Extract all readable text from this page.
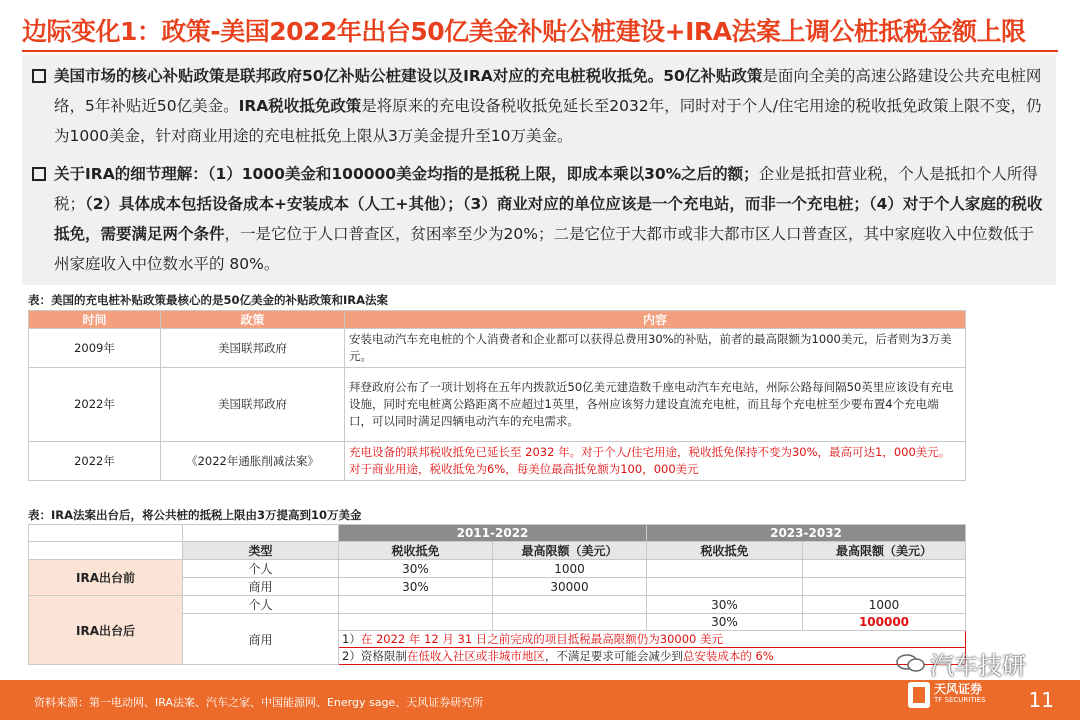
边际变化1：政策-美国2022年出台50亿美金补贴公桩建设+IRA法案上调公桩抵税金额上限
美国市场的核心补贴政策是联邦政府50亿补贴公桩建设以及IRA对应的充电桩税收抵免。50亿补贴政策是面向全美的高速公路建设公共充电桩网络，5年补贴近50亿美金。IRA税收抵免政策是将原来的充电设备税收抵免延长至2032年，同时对于个人/住宅用途的税收抵免政策上限不变，仍为1000美金，针对商业用途的充电桩抵免上限从3万美金提升至10万美金。
关于IRA的细节理解：（1）1000美金和100000美金均指的是抵税上限，即成本乘以30%之后的额；企业是抵扣营业税，个人是抵扣个人所得税；（2）具体成本包括设备成本+安装成本（人工+其他）；（3）商业对应的单位应该是一个充电站，而非一个充电桩；（4）对于个人家庭的税收抵免，需要满足两个条件，一是它位于人口普查区，贫困率至少为20%；二是它位于大都市或非大都市区人口普查区，其中家庭收入中位数低于州家庭收入中位数水平的 80%。
表：美国的充电桩补贴政策最核心的是50亿美金的补贴政策和IRA法案
时间	政策	内容
2009年	美国联邦政府	安装电动汽车充电桩的个人消费者和企业都可以获得总费用30%的补贴，前者的最高限额为1000美元，后者则为3万美元。
2022年	美国联邦政府	拜登政府公布了一项计划将在五年内拨款近50亿美元建造数千座电动汽车充电站，州际公路每间隔50英里应该设有充电设施，同时充电桩离公路距离不应超过1英里，各州应该努力建设直流充电桩，而且每个充电桩至少要布置4个充电端口，可以同时满足四辆电动汽车的充电需求。
2022年	《2022年通胀削减法案》	充电设备的联邦税收抵免已延长至 2032 年。对于个人/住宅用途，税收抵免保持不变为30%，最高可达1，000美元。对于商业用途，税收抵免为6%，每美位最高抵免额为100，000美元
表：IRA法案出台后，将公共桩的抵税上限由3万提高到10万美金
		2011-2022		2023-2032	
	类型	税收抵免	最高限额（美元）	税收抵免	最高限额（美元）
IRA出台前	个人	30%	1000		
	商用	30%	30000		
IRA出台后	个人			30%	1000
	商用			30%	100000
		1）在 2022 年 12 月 31 日之前完成的项目抵税最高限额仍为30000 美元			
		2）资格限制在低收入社区或非城市地区，不满足要求可能会减少到总安装成本的 6%				汽车技研
资料来源：第一电动网、IRA法案、汽车之家、中国能源网、Energy sage、天风证券研究所	11
天风证券
TF SECURITIES
